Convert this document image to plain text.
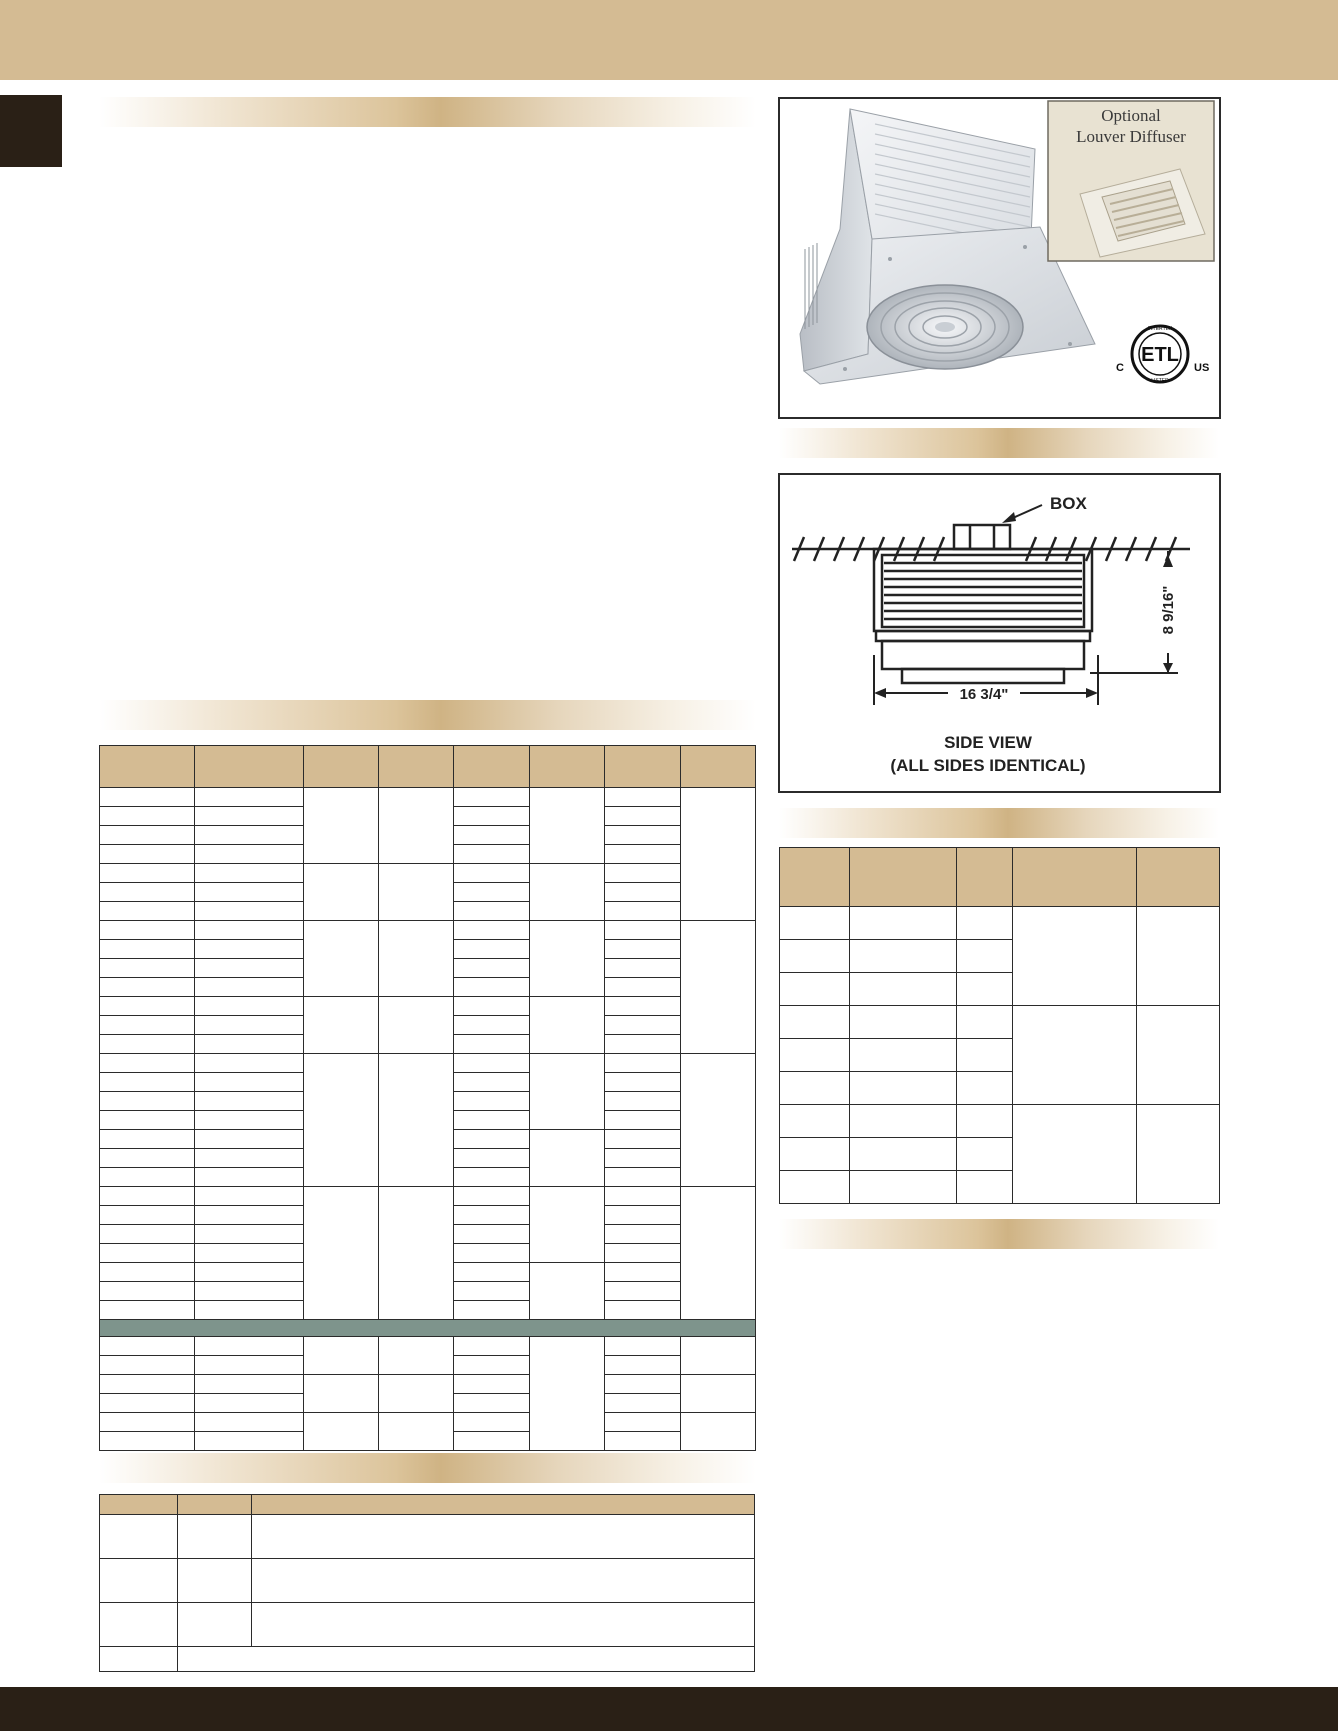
Optional
Louver Diffuser
ETL
INTERTEK
LISTED
C	US
BOX
8 9/16"
16 3/4"
SIDE VIEW
(ALL SIDES IDENTICAL)
